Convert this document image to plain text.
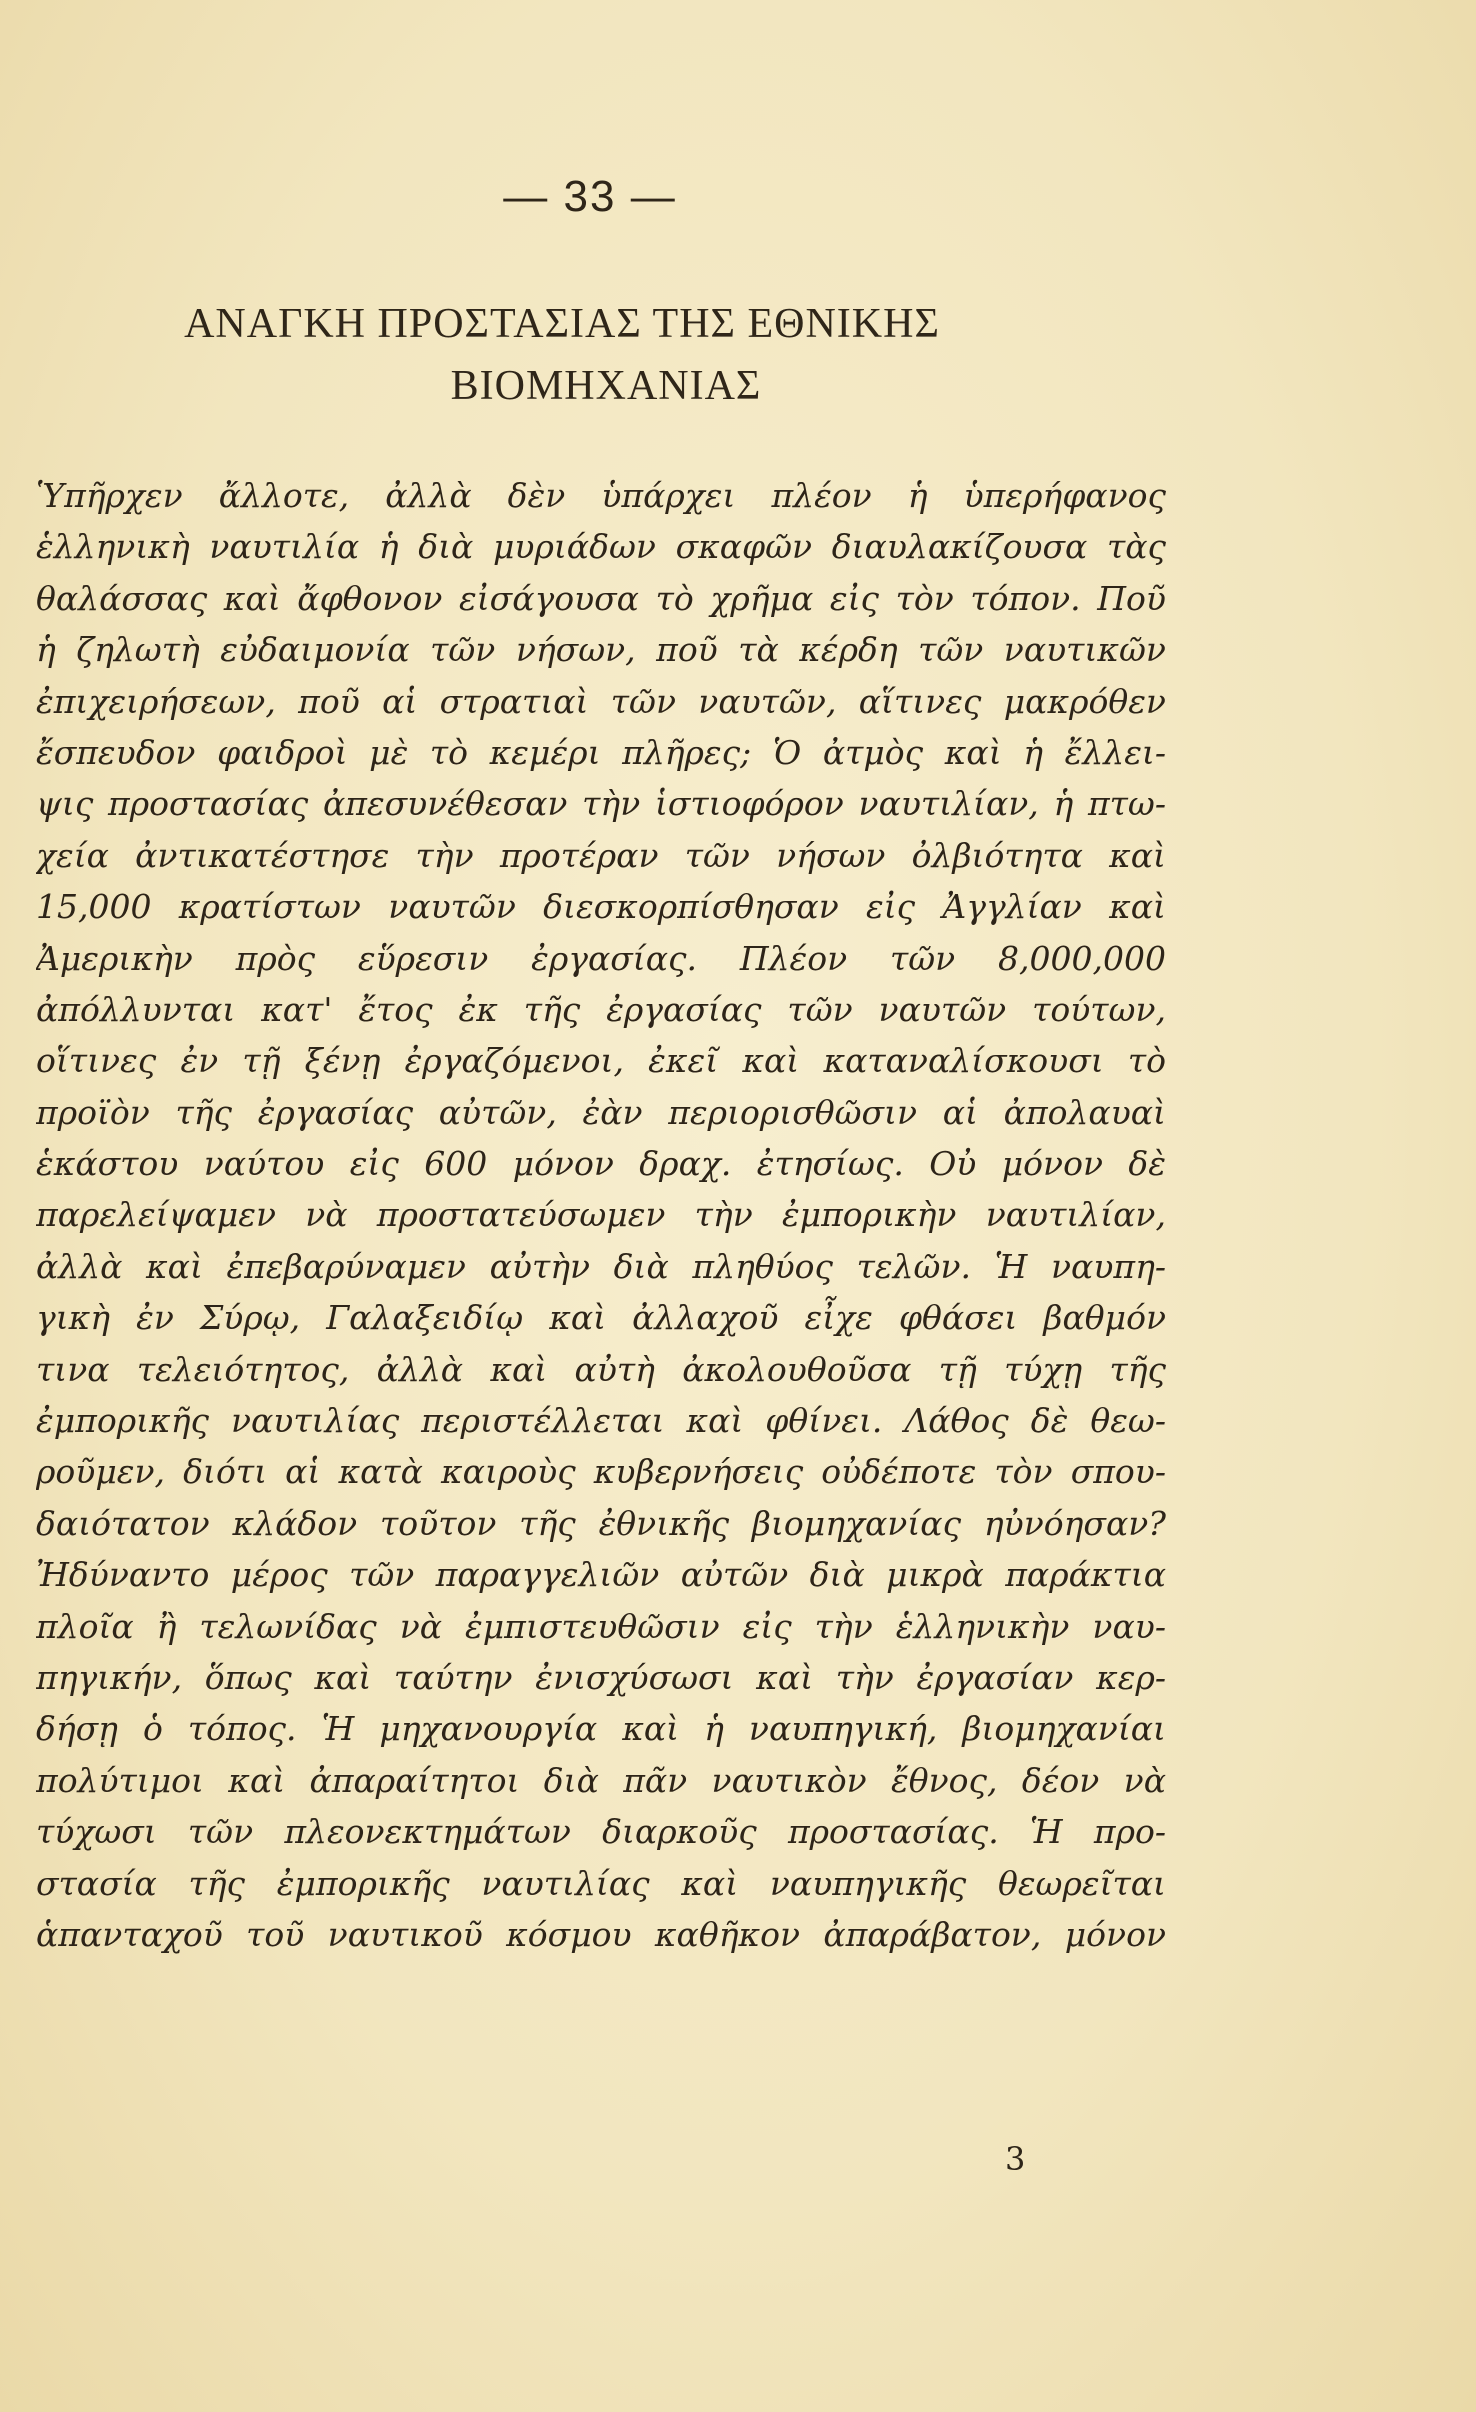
— 33 —
ΑΝΑΓΚΗ ΠΡΟΣΤΑΣΙΑΣ ΤΗΣ ΕΘΝΙΚΗΣ
ΒΙΟΜΗΧΑΝΙΑΣ
Ὑπῆρχεν ἄλλοτε, ἀλλὰ δὲν ὑπάρχει πλέον ἡ ὑπερήφανος
ἑλληνικὴ ναυτιλία ἡ διὰ μυριάδων σκαφῶν διαυλακίζουσα τὰς
θαλάσσας καὶ ἄφθονον εἰσάγουσα τὸ χρῆμα εἰς τὸν τόπον. Ποῦ
ἡ ζηλωτὴ εὐδαιμονία τῶν νήσων, ποῦ τὰ κέρδη τῶν ναυτικῶν
ἐπιχειρήσεων, ποῦ αἱ στρατιαὶ τῶν ναυτῶν, αἵτινες μακρόθεν
ἔσπευδον φαιδροὶ μὲ τὸ κεμέρι πλῆρες; Ὁ ἀτμὸς καὶ ἡ ἔλλει-
ψις προστασίας ἀπεσυνέθεσαν τὴν ἱστιοφόρον ναυτιλίαν, ἡ πτω-
χεία ἀντικατέστησε τὴν προτέραν τῶν νήσων ὀλβιότητα καὶ
15,000 κρατίστων ναυτῶν διεσκορπίσθησαν εἰς Ἀγγλίαν καὶ
Ἀμερικὴν πρὸς εὕρεσιν ἐργασίας. Πλέον τῶν 8,000,000
ἀπόλλυνται κατ' ἔτος ἐκ τῆς ἐργασίας τῶν ναυτῶν τούτων,
οἵτινες ἐν τῇ ξένῃ ἐργαζόμενοι, ἐκεῖ καὶ καταναλίσκουσι τὸ
προϊὸν τῆς ἐργασίας αὐτῶν, ἐὰν περιορισθῶσιν αἱ ἀπολαυαὶ
ἑκάστου ναύτου εἰς 600 μόνον δραχ. ἐτησίως. Οὐ μόνον δὲ
παρελείψαμεν νὰ προστατεύσωμεν τὴν ἐμπορικὴν ναυτιλίαν,
ἀλλὰ καὶ ἐπεβαρύναμεν αὐτὴν διὰ πληθύος τελῶν. Ἡ ναυπη-
γικὴ ἐν Σύρῳ, Γαλαξειδίῳ καὶ ἀλλαχοῦ εἶχε φθάσει βαθμόν
τινα τελειότητος, ἀλλὰ καὶ αὐτὴ ἀκολουθοῦσα τῇ τύχῃ τῆς
ἐμπορικῆς ναυτιλίας περιστέλλεται καὶ φθίνει. Λάθος δὲ θεω-
ροῦμεν, διότι αἱ κατὰ καιροὺς κυβερνήσεις οὐδέποτε τὸν σπου-
δαιότατον κλάδον τοῦτον τῆς ἐθνικῆς βιομηχανίας ηὐνόησαν?
Ἠδύναντο μέρος τῶν παραγγελιῶν αὐτῶν διὰ μικρὰ παράκτια
πλοῖα ἢ τελωνίδας νὰ ἐμπιστευθῶσιν εἰς τὴν ἑλληνικὴν ναυ-
πηγικήν, ὅπως καὶ ταύτην ἐνισχύσωσι καὶ τὴν ἐργασίαν κερ-
δήσῃ ὁ τόπος. Ἡ μηχανουργία καὶ ἡ ναυπηγική, βιομηχανίαι
πολύτιμοι καὶ ἀπαραίτητοι διὰ πᾶν ναυτικὸν ἔθνος, δέον νὰ
τύχωσι τῶν πλεονεκτημάτων διαρκοῦς προστασίας. Ἡ προ-
στασία τῆς ἐμπορικῆς ναυτιλίας καὶ ναυπηγικῆς θεωρεῖται
ἁπανταχοῦ τοῦ ναυτικοῦ κόσμου καθῆκον ἀπαράβατον, μόνον
3
